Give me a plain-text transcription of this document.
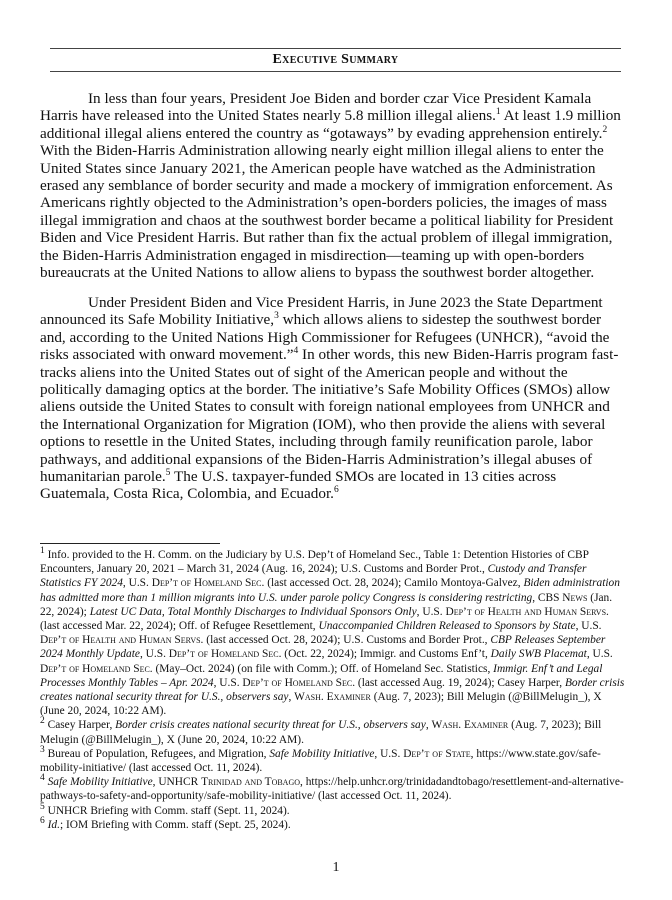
Executive Summary

In less than four years, President Joe Biden and border czar Vice President Kamala Harris have released into the United States nearly 5.8 million illegal aliens.$^1$ At least 1.9 million additional illegal aliens entered the country as “gotaways” by evading apprehension entirely.$^2$ With the Biden-Harris Administration allowing nearly eight million illegal aliens to enter the United States since January 2021, the American people have watched as the Administration erased any semblance of border security and made a mockery of immigration enforcement. As Americans rightly objected to the Administration’s open-borders policies, the images of mass illegal immigration and chaos at the southwest border became a political liability for President Biden and Vice President Harris. But rather than fix the actual problem of illegal immigration, the Biden-Harris Administration engaged in misdirection—teaming up with open-borders bureaucrats at the United Nations to allow aliens to bypass the southwest border altogether.

Under President Biden and Vice President Harris, in June 2023 the State Department announced its Safe Mobility Initiative,$^3$ which allows aliens to sidestep the southwest border and, according to the United Nations High Commissioner for Refugees (UNHCR), “avoid the risks associated with onward movement.”$^4$ In other words, this new Biden-Harris program fast-tracks aliens into the United States out of sight of the American people and without the politically damaging optics at the border. The initiative’s Safe Mobility Offices (SMOs) allow aliens outside the United States to consult with foreign national employees from UNHCR and the International Organization for Migration (IOM), who then provide the aliens with several options to resettle in the United States, including through family reunification parole, labor pathways, and additional expansions of the Biden-Harris Administration’s illegal abuses of humanitarian parole.$^5$ The U.S. taxpayer-funded SMOs are located in 13 cities across Guatemala, Costa Rica, Colombia, and Ecuador.$^6$

$^1$ Info. provided to the H. Comm. on the Judiciary by U.S. Dep’t of Homeland Sec., Table 1: Detention Histories of CBP Encounters, January 20, 2021 – March 31, 2024 (Aug. 16, 2024); U.S. Customs and Border Prot., Custody and Transfer Statistics FY 2024, U.S. Dep’t of Homeland Sec. (last accessed Oct. 28, 2024); Camilo Montoya-Galvez, Biden administration has admitted more than 1 million migrants into U.S. under parole policy Congress is considering restricting, CBS News (Jan. 22, 2024); Latest UC Data, Total Monthly Discharges to Individual Sponsors Only, U.S. Dep’t of Health and Human Servs. (last accessed Mar. 22, 2024); Off. of Refugee Resettlement, Unaccompanied Children Released to Sponsors by State, U.S. Dep’t of Health and Human Servs. (last accessed Oct. 28, 2024); U.S. Customs and Border Prot., CBP Releases September 2024 Monthly Update, U.S. Dep’t of Homeland Sec. (Oct. 22, 2024); Immigr. and Customs Enf’t, Daily SWB Placemat, U.S. Dep’t of Homeland Sec. (May–Oct. 2024) (on file with Comm.); Off. of Homeland Sec. Statistics, Immigr. Enf’t and Legal Processes Monthly Tables – Apr. 2024, U.S. Dep’t of Homeland Sec. (last accessed Aug. 19, 2024); Casey Harper, Border crisis creates national security threat for U.S., observers say, Wash. Examiner (Aug. 7, 2023); Bill Melugin (@BillMelugin_), X (June 20, 2024, 10:22 AM).

$^2$ Casey Harper, Border crisis creates national security threat for U.S., observers say, Wash. Examiner (Aug. 7, 2023); Bill Melugin (@BillMelugin_), X (June 20, 2024, 10:22 AM).

$^3$ Bureau of Population, Refugees, and Migration, Safe Mobility Initiative, U.S. Dep’t of State, https://www.state.gov/safe-mobility-initiative/ (last accessed Oct. 11, 2024).

$^4$ Safe Mobility Initiative, UNHCR Trinidad and Tobago, https://help.unhcr.org/trinidadandtobago/resettlement-and-alternative-pathways-to-safety-and-opportunity/safe-mobility-initiative/ (last accessed Oct. 11, 2024).

$^5$ UNHCR Briefing with Comm. staff (Sept. 11, 2024).

$^6$ Id.; IOM Briefing with Comm. staff (Sept. 25, 2024).

1
